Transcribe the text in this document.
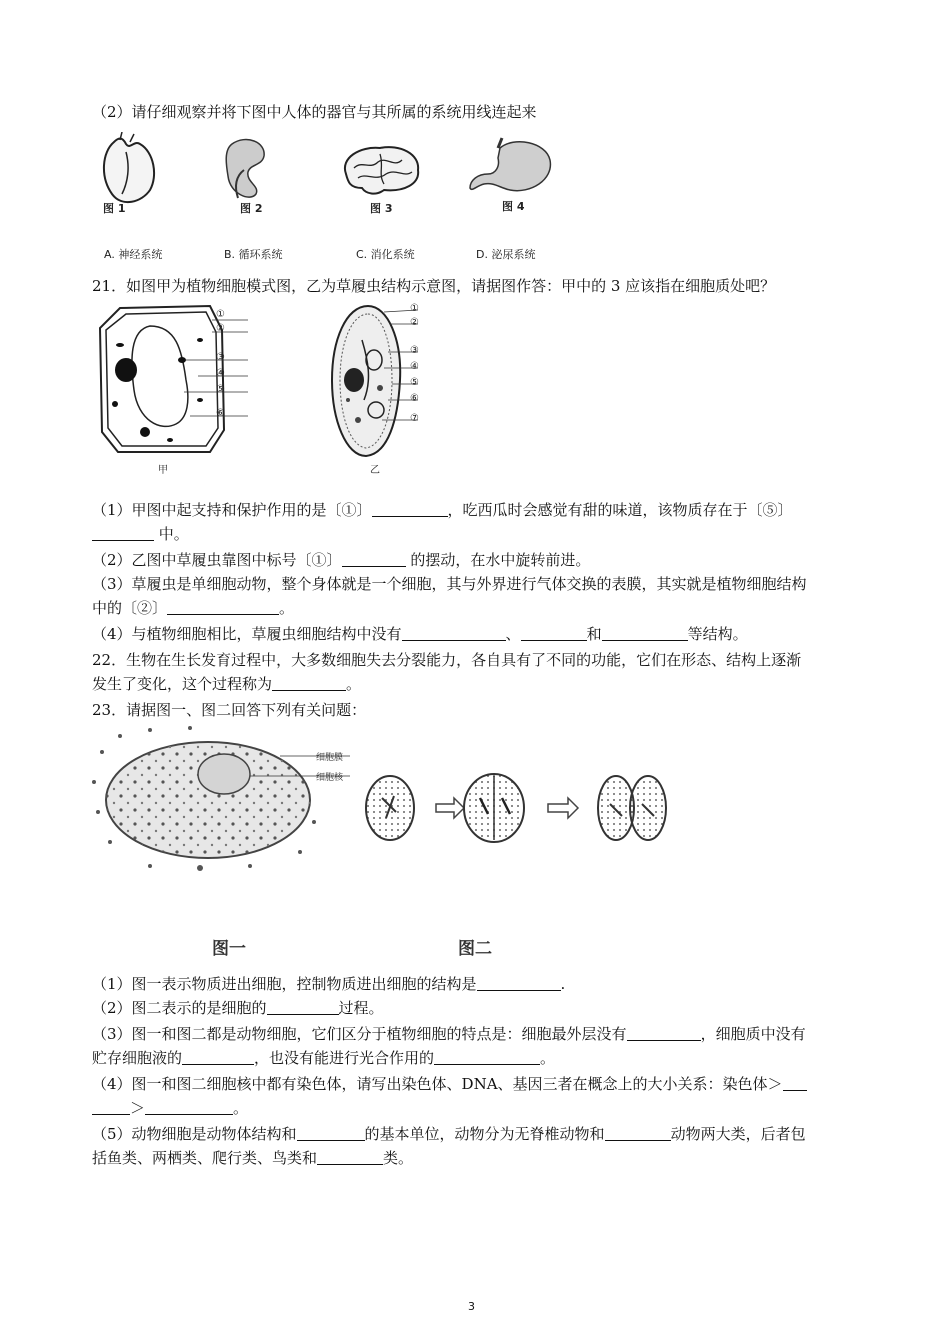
（2）请仔细观察并将下图中人体的器官与其所属的系统用线连起来
图 1	图 2	图 3	图 4
A. 神经系统	B. 循环系统	C. 消化系统	D. 泌尿系统
21．如图甲为植物细胞模式图，乙为草履虫结构示意图，请据图作答：甲中的 3 应该指在细胞质处吧？
①
②
③
④
⑤
⑥
甲
①
②
③
④
⑤
⑥
⑦
乙
（1）甲图中起支持和保护作用的是〔①〕	，吃西瓜时会感觉有甜的味道，该物质存在于〔⑤〕
中。
（2）乙图中草履虫靠图中标号〔①〕	的摆动，在水中旋转前进。
（3）草履虫是单细胞动物，整个身体就是一个细胞，其与外界进行气体交换的表膜，其实就是植物细胞结构
中的〔②〕	。
（4）与植物细胞相比，草履虫细胞结构中没有	、	和	等结构。
22．生物在生长发育过程中，大多数细胞失去分裂能力，各自具有了不同的功能，它们在形态、结构上逐渐
发生了变化，这个过程称为	。
23．请据图一、图二回答下列有关问题：
细胞膜
细胞核
图一	图二
（1）图一表示物质进出细胞，控制物质进出细胞的结构是	.
（2）图二表示的是细胞的	过程。
（3）图一和图二都是动物细胞，它们区分于植物细胞的特点是：细胞最外层没有	，细胞质中没有
贮存细胞液的	，也没有能进行光合作用的	。
（4）图一和图二细胞核中都有染色体，请写出染色体、DNA、基因三者在概念上的大小关系：染色体＞
＞	。
（5）动物细胞是动物体结构和	的基本单位，动物分为无脊椎动物和	动物两大类，后者包
括鱼类、两栖类、爬行类、鸟类和	类。
3
